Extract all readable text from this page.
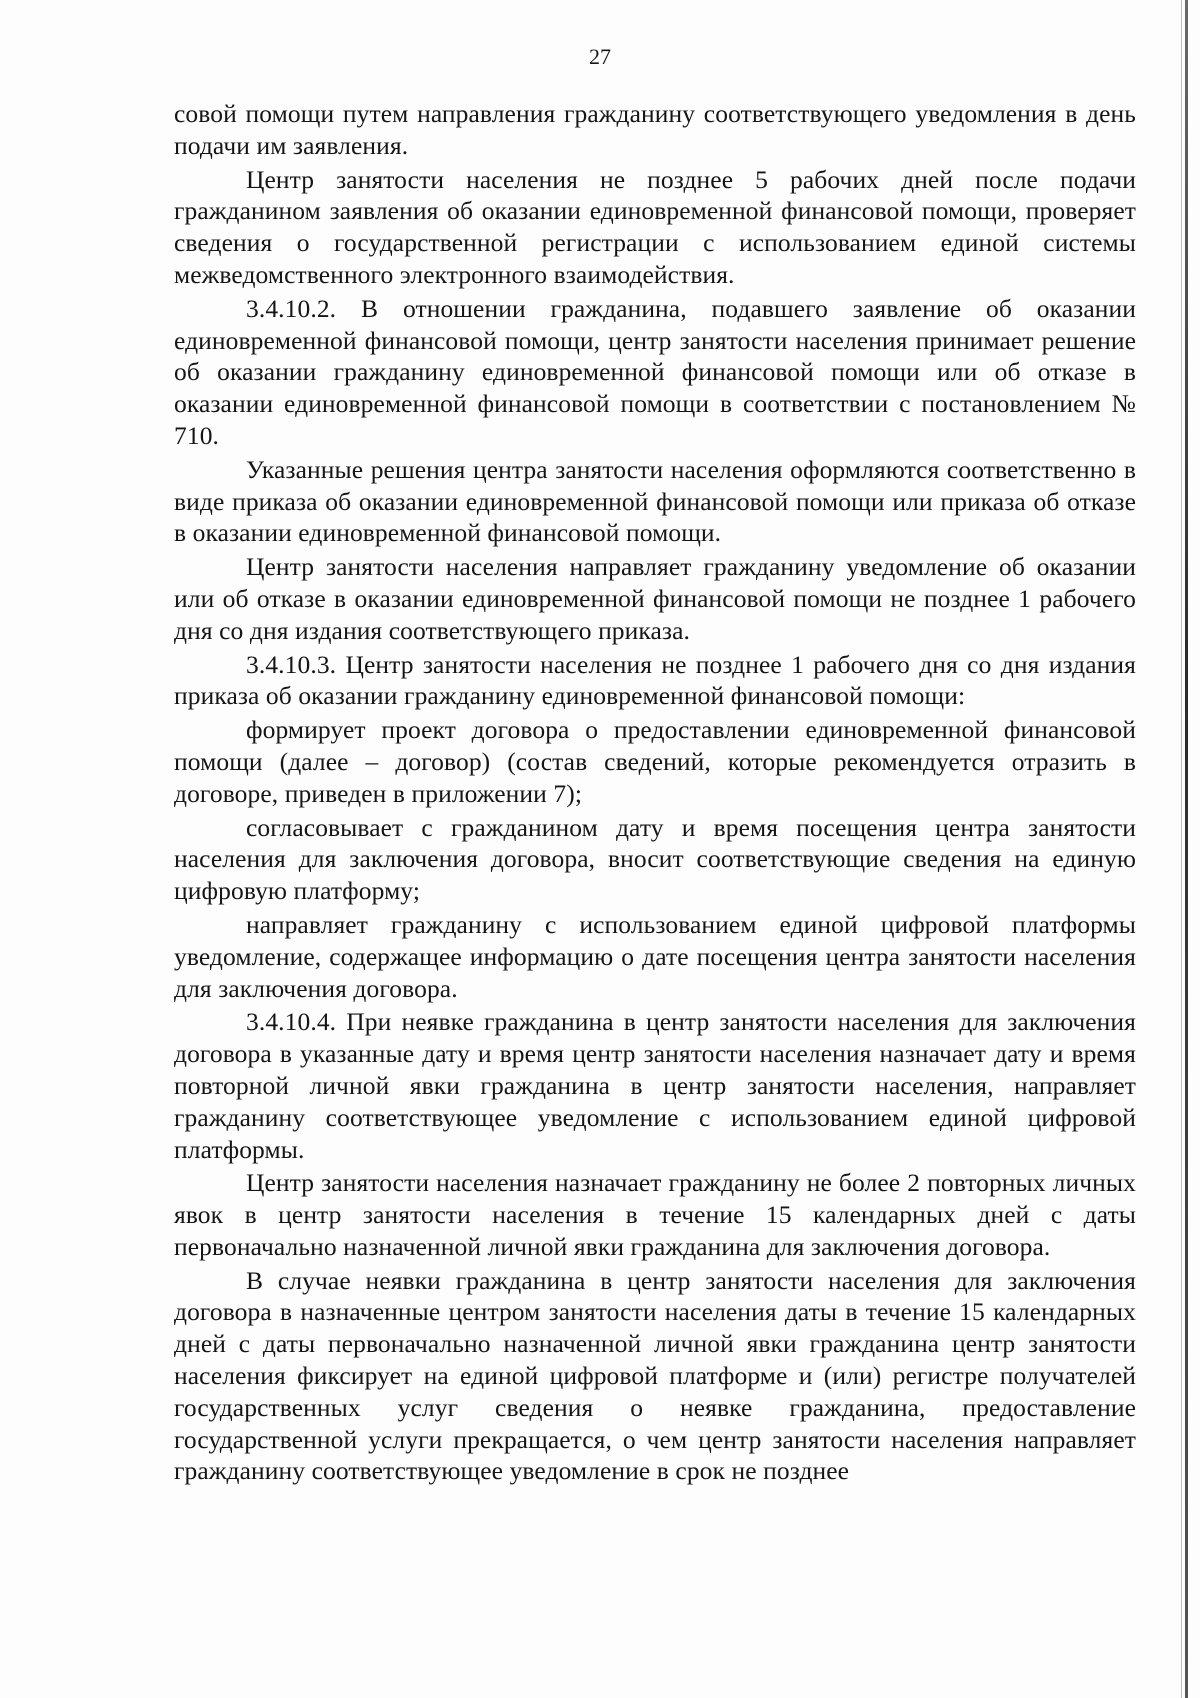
27

совой помощи путем направления гражданину соответствующего уведомления в день подачи им заявления.

Центр занятости населения не позднее 5 рабочих дней после подачи гражданином заявления об оказании единовременной финансовой помощи, проверяет сведения о государственной регистрации с использованием единой системы межведомственного электронного взаимодействия.

3.4.10.2. В отношении гражданина, подавшего заявление об оказании единовременной финансовой помощи, центр занятости населения принимает решение об оказании гражданину единовременной финансовой помощи или об отказе в оказании единовременной финансовой помощи в соответствии с постановлением № 710.

Указанные решения центра занятости населения оформляются соответственно в виде приказа об оказании единовременной финансовой помощи или приказа об отказе в оказании единовременной финансовой помощи.

Центр занятости населения направляет гражданину уведомление об оказании или об отказе в оказании единовременной финансовой помощи не позднее 1 рабочего дня со дня издания соответствующего приказа.

3.4.10.3. Центр занятости населения не позднее 1 рабочего дня со дня издания приказа об оказании гражданину единовременной финансовой помощи:

формирует проект договора о предоставлении единовременной финансовой помощи (далее – договор) (состав сведений, которые рекомендуется отразить в договоре, приведен в приложении 7);

согласовывает с гражданином дату и время посещения центра занятости населения для заключения договора, вносит соответствующие сведения на единую цифровую платформу;

направляет гражданину с использованием единой цифровой платформы уведомление, содержащее информацию о дате посещения центра занятости населения для заключения договора.

3.4.10.4. При неявке гражданина в центр занятости населения для заключения договора в указанные дату и время центр занятости населения назначает дату и время повторной личной явки гражданина в центр занятости населения, направляет гражданину соответствующее уведомление с использованием единой цифровой платформы.

Центр занятости населения назначает гражданину не более 2 повторных личных явок в центр занятости населения в течение 15 календарных дней с даты первоначально назначенной личной явки гражданина для заключения договора.

В случае неявки гражданина в центр занятости населения для заключения договора в назначенные центром занятости населения даты в течение 15 календарных дней с даты первоначально назначенной личной явки гражданина центр занятости населения фиксирует на единой цифровой платформе и (или) регистре получателей государственных услуг сведения о неявке гражданина, предоставление государственной услуги прекращается, о чем центр занятости населения направляет гражданину соответствующее уведомление в срок не позднее
